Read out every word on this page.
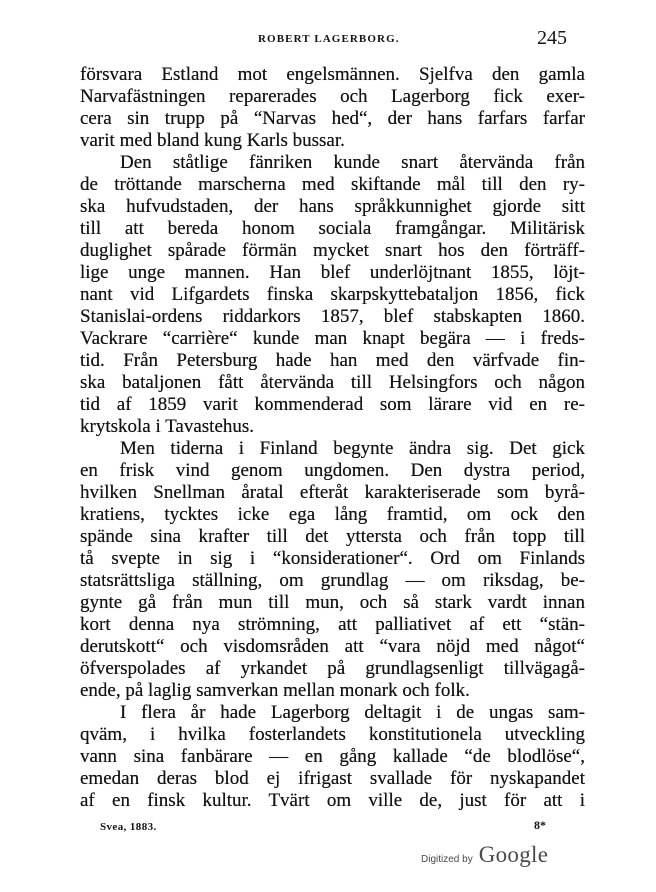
ROBERT LAGERBORG.	245
försvara Estland mot engelsmännen. Sjelfva den gamla
Narvafästningen reparerades och Lagerborg fick exer-
cera sin trupp på “Narvas hed“, der hans farfars farfar
varit med bland kung Karls bussar.
Den ståtlige fänriken kunde snart återvända från
de tröttande marscherna med skiftande mål till den ry-
ska hufvudstaden, der hans språkkunnighet gjorde sitt
till att bereda honom sociala framgångar. Militärisk
duglighet spårade förmän mycket snart hos den förträff-
lige unge mannen. Han blef underlöjtnant 1855, löjt-
nant vid Lifgardets finska skarpskyttebataljon 1856, fick
Stanislai-ordens riddarkors 1857, blef stabskapten 1860.
Vackrare “carrière“ kunde man knapt begära — i freds-
tid. Från Petersburg hade han med den värfvade fin-
ska bataljonen fått återvända till Helsingfors och någon
tid af 1859 varit kommenderad som lärare vid en re-
krytskola i Tavastehus.
Men tiderna i Finland begynte ändra sig. Det gick
en frisk vind genom ungdomen. Den dystra period,
hvilken Snellman åratal efteråt karakteriserade som byrå-
kratiens, tycktes icke ega lång framtid, om ock den
spände sina krafter till det yttersta och från topp till
tå svepte in sig i “konsiderationer“. Ord om Finlands
statsrättsliga ställning, om grundlag — om riksdag, be-
gynte gå från mun till mun, och så stark vardt innan
kort denna nya strömning, att palliativet af ett “stän-
derutskott“ och visdomsråden att “vara nöjd med något“
öfverspolades af yrkandet på grundlagsenligt tillvägagå-
ende, på laglig samverkan mellan monark och folk.
I flera år hade Lagerborg deltagit i de ungas sam-
qväm, i hvilka fosterlandets konstitutionela utveckling
vann sina fanbärare — en gång kallade “de blodlöse“,
emedan deras blod ej ifrigast svallade för nyskapandet
af en finsk kultur. Tvärt om ville de, just för att i
Svea, 1883.	8*
Digitized by Google
